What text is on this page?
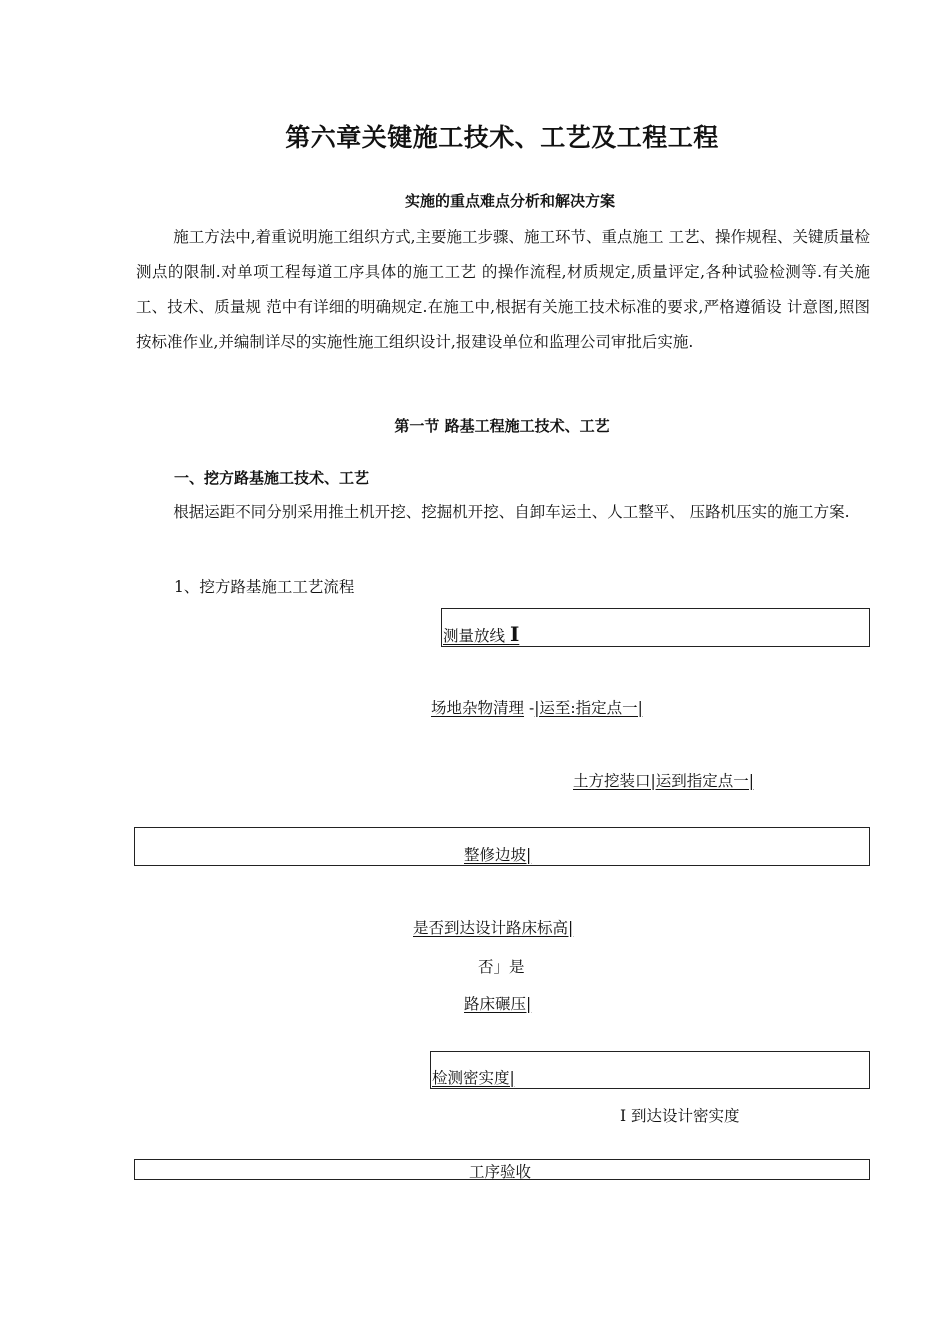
第六章关键施工技术、工艺及工程工程
实施的重点难点分析和解决方案
施工方法中,着重说明施工组织方式,主要施工步骤、施工环节、重点施工 工艺、操作规程、关键质量检测点的限制.对单项工程每道工序具体的施工工艺 的操作流程,材质规定,质量评定,各种试验检测等.有关施工、技术、质量规 范中有详细的明确规定.在施工中,根据有关施工技术标准的要求,严格遵循设 计意图,照图按标准作业,并编制详尽的实施性施工组织设计,报建设单位和监理公司审批后实施.
第一节 路基工程施工技术、工艺
一、挖方路基施工技术、工艺
根据运距不同分别采用推土机开挖、挖掘机开挖、自卸车运土、人工整平、 压路机压实的施工方案.
1、挖方路基施工工艺流程
测量放线 I
场地杂物清理 -|运至:指定点一|
土方挖装口|运到指定点一|
整修边坡|
是否到达设计路床标高|
否」是
路床碾压|
检测密实度|
I 到达设计密实度
工序验收
